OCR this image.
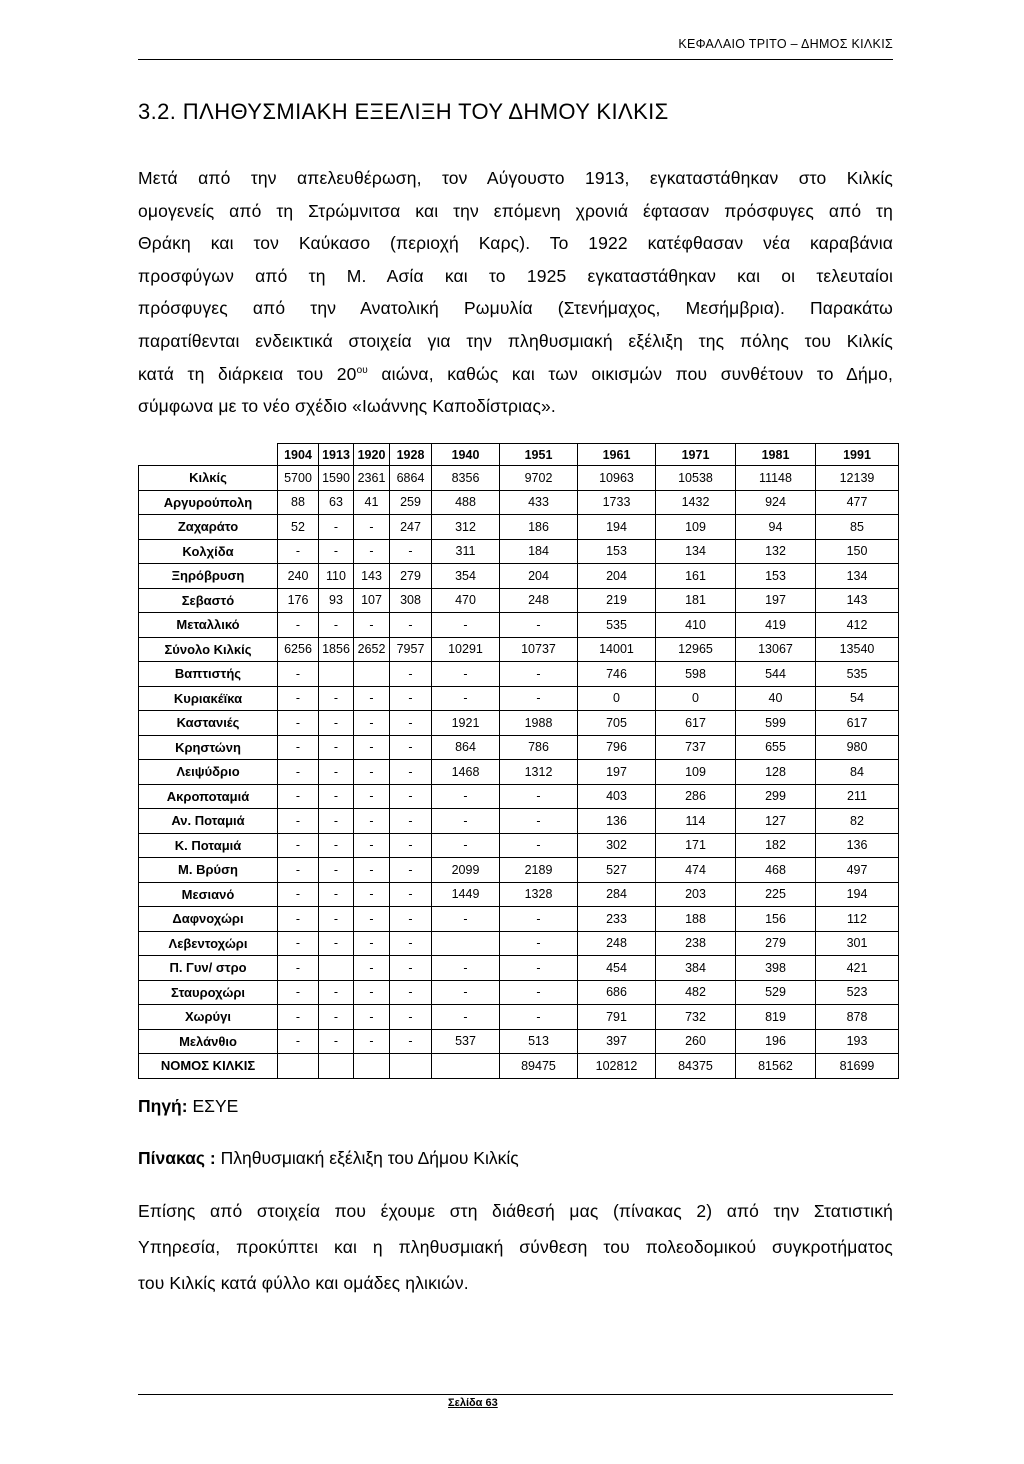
ΚΕΦΑΛΑΙΟ ΤΡΙΤΟ – ΔΗΜΟΣ ΚΙΛΚΙΣ
3.2. ΠΛΗΘΥΣΜΙΑΚΗ ΕΞΕΛΙΞΗ ΤΟΥ ΔΗΜΟΥ ΚΙΛΚΙΣ
Μετά από την απελευθέρωση, τον Αύγουστο 1913, εγκαταστάθηκαν στο Κιλκίς
ομογενείς από τη Στρώμνιτσα και την επόμενη χρονιά έφτασαν πρόσφυγες από τη
Θράκη και τον Καύκασο (περιοχή Καρς). Το 1922 κατέφθασαν νέα καραβάνια
προσφύγων από τη Μ. Ασία και το 1925 εγκαταστάθηκαν και οι τελευταίοι
πρόσφυγες από την Ανατολική Ρωμυλία (Στενήμαχος, Μεσήμβρια). Παρακάτω
παρατίθενται ενδεικτικά στοιχεία για την πληθυσμιακή εξέλιξη της πόλης του Κιλκίς
κατά τη διάρκεια του $20^{o\upsilon}$ αιώνα, καθώς και των οικισμών που συνθέτουν το Δήμο,
σύμφωνα με το νέο σχέδιο «Ιωάννης Καποδίστριας».
	1904	1913	1920	1928	1940	1951	1961	1971	1981	1991
Κιλκίς	5700	1590	2361	6864	8356	9702	10963	10538	11148	12139
Αργυρούπολη	88	63	41	259	488	433	1733	1432	924	477
Ζαχαράτο	52	-	-	247	312	186	194	109	94	85
Κολχίδα	-	-	-	-	311	184	153	134	132	150
Ξηρόβρυση	240	110	143	279	354	204	204	161	153	134
Σεβαστό	176	93	107	308	470	248	219	181	197	143
Μεταλλικό	-	-	-	-	-	-	535	410	419	412
Σύνολο Κιλκίς	6256	1856	2652	7957	10291	10737	14001	12965	13067	13540
Βαπτιστής	-			-	-	-	746	598	544	535
Κυριακέϊκα	-	-	-	-	-	-	0	0	40	54
Καστανιές	-	-	-	-	1921	1988	705	617	599	617
Κρηστώνη	-	-	-	-	864	786	796	737	655	980
Λειψύδριο	-	-	-	-	1468	1312	197	109	128	84
Ακροποταμιά	-	-	-	-	-	-	403	286	299	211
Αν. Ποταμιά	-	-	-	-	-	-	136	114	127	82
Κ. Ποταμιά	-	-	-	-	-	-	302	171	182	136
Μ. Βρύση	-	-	-	-	2099	2189	527	474	468	497
Μεσιανό	-	-	-	-	1449	1328	284	203	225	194
Δαφνοχώρι	-	-	-	-	-	-	233	188	156	112
Λεβεντοχώρι	-	-	-	-		-	248	238	279	301
Π. Γυν/ στρο	-		-	-	-	-	454	384	398	421
Σταυροχώρι	-	-	-	-	-	-	686	482	529	523
Χωρύγι	-	-	-	-	-	-	791	732	819	878
Μελάνθιο	-	-	-	-	537	513	397	260	196	193
ΝΟΜΟΣ ΚΙΛΚΙΣ						89475	102812	84375	81562	81699
Πηγή: ΕΣΥΕ
Πίνακας : Πληθυσμιακή εξέλιξη του Δήμου Κιλκίς
Επίσης από στοιχεία που έχουμε στη διάθεσή μας (πίνακας 2) από την Στατιστική
Υπηρεσία, προκύπτει και η πληθυσμιακή σύνθεση του πολεοδομικού συγκροτήματος
του Κιλκίς κατά φύλλο και ομάδες ηλικιών.
Σελίδα 63
